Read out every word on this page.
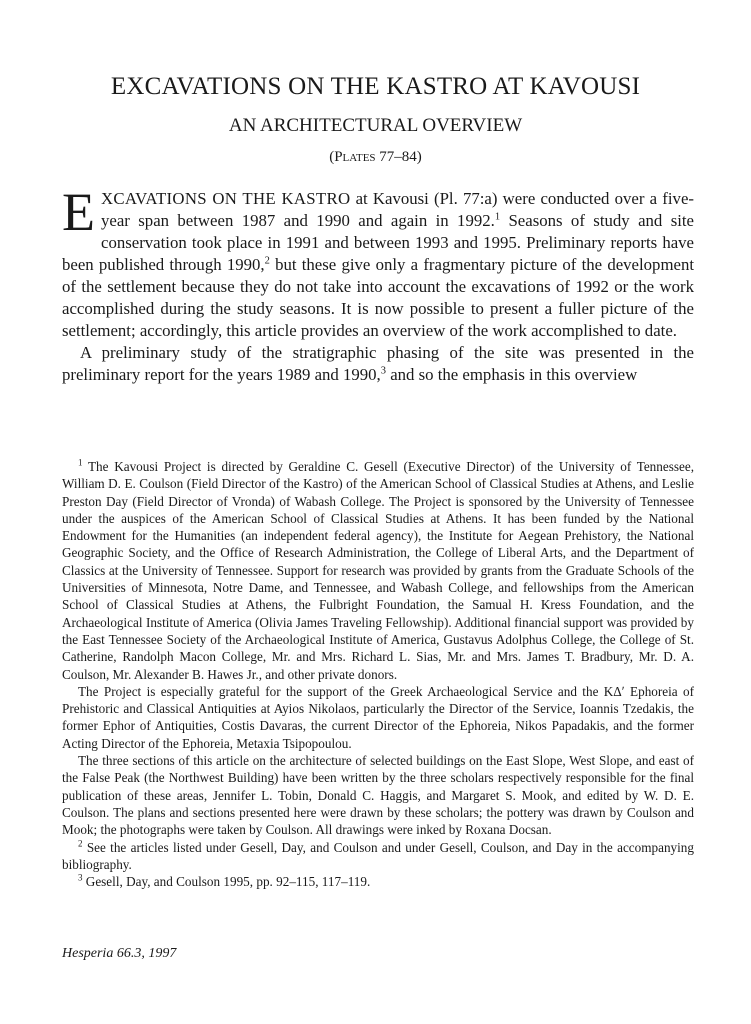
EXCAVATIONS ON THE KASTRO AT KAVOUSI
AN ARCHITECTURAL OVERVIEW
(Plates 77–84)

EXCAVATIONS ON THE KASTRO at Kavousi (Pl. 77:a) were conducted over a five-year span between 1987 and 1990 and again in 1992.$^1$ Seasons of study and site conservation took place in 1991 and between 1993 and 1995. Preliminary reports have been published through 1990,$^2$ but these give only a fragmentary picture of the development of the settlement because they do not take into account the excavations of 1992 or the work accomplished during the study seasons. It is now possible to present a fuller picture of the settlement; accordingly, this article provides an overview of the work accomplished to date.

A preliminary study of the stratigraphic phasing of the site was presented in the preliminary report for the years 1989 and 1990,$^3$ and so the emphasis in this overview

$^1$ The Kavousi Project is directed by Geraldine C. Gesell (Executive Director) of the University of Tennessee, William D. E. Coulson (Field Director of the Kastro) of the American School of Classical Studies at Athens, and Leslie Preston Day (Field Director of Vronda) of Wabash College. The Project is sponsored by the University of Tennessee under the auspices of the American School of Classical Studies at Athens. It has been funded by the National Endowment for the Humanities (an independent federal agency), the Institute for Aegean Prehistory, the National Geographic Society, and the Office of Research Administration, the College of Liberal Arts, and the Department of Classics at the University of Tennessee. Support for research was provided by grants from the Graduate Schools of the Universities of Minnesota, Notre Dame, and Tennessee, and Wabash College, and fellowships from the American School of Classical Studies at Athens, the Fulbright Foundation, the Samual H. Kress Foundation, and the Archaeological Institute of America (Olivia James Traveling Fellowship). Additional financial support was provided by the East Tennessee Society of the Archaeological Institute of America, Gustavus Adolphus College, the College of St. Catherine, Randolph Macon College, Mr. and Mrs. Richard L. Sias, Mr. and Mrs. James T. Bradbury, Mr. D. A. Coulson, Mr. Alexander B. Hawes Jr., and other private donors.

The Project is especially grateful for the support of the Greek Archaeological Service and the ΚΔʹ Ephoreia of Prehistoric and Classical Antiquities at Ayios Nikolaos, particularly the Director of the Service, Ioannis Tzedakis, the former Ephor of Antiquities, Costis Davaras, the current Director of the Ephoreia, Nikos Papadakis, and the former Acting Director of the Ephoreia, Metaxia Tsipopoulou.

The three sections of this article on the architecture of selected buildings on the East Slope, West Slope, and east of the False Peak (the Northwest Building) have been written by the three scholars respectively responsible for the final publication of these areas, Jennifer L. Tobin, Donald C. Haggis, and Margaret S. Mook, and edited by W. D. E. Coulson. The plans and sections presented here were drawn by these scholars; the pottery was drawn by Coulson and Mook; the photographs were taken by Coulson. All drawings were inked by Roxana Docsan.

$^2$ See the articles listed under Gesell, Day, and Coulson and under Gesell, Coulson, and Day in the accompanying bibliography.

$^3$ Gesell, Day, and Coulson 1995, pp. 92–115, 117–119.

Hesperia 66.3, 1997
